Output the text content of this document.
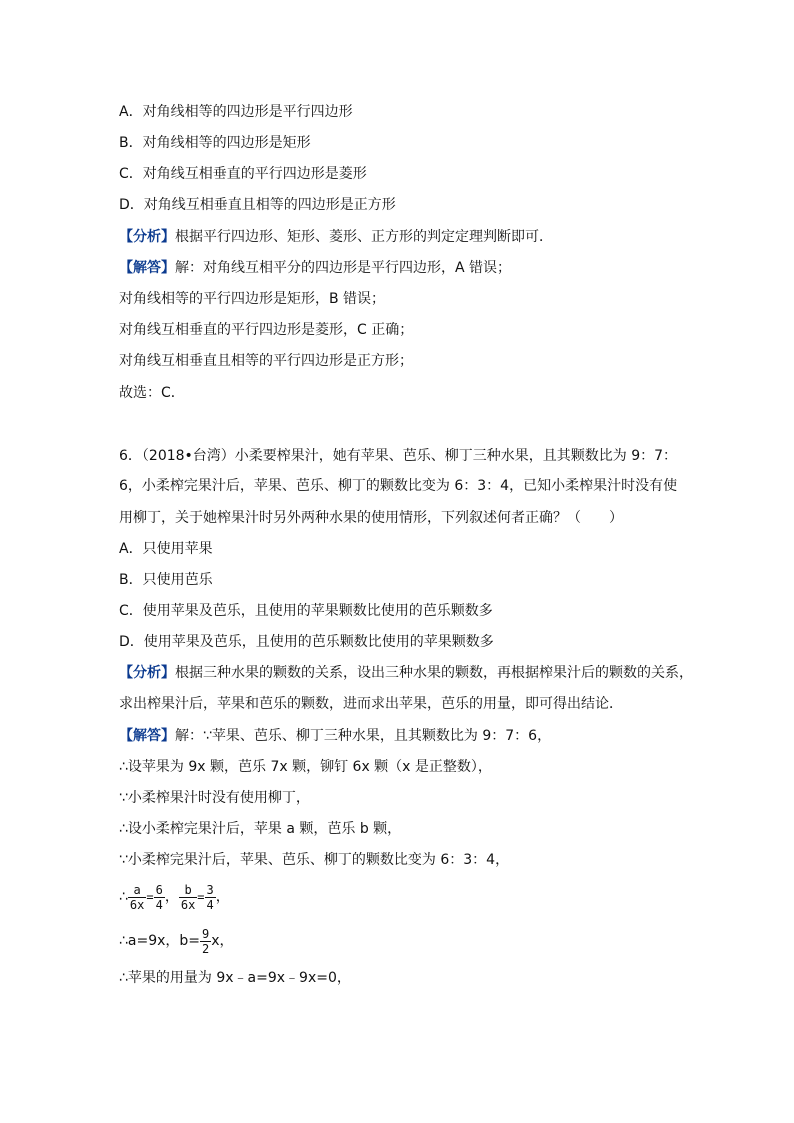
A．对角线相等的四边形是平行四边形
B．对角线相等的四边形是矩形
C．对角线互相垂直的平行四边形是菱形
D．对角线互相垂直且相等的四边形是正方形
【分析】根据平行四边形、矩形、菱形、正方形的判定定理判断即可．
【解答】解：对角线互相平分的四边形是平行四边形，A 错误；
对角线相等的平行四边形是矩形，B 错误；
对角线互相垂直的平行四边形是菱形，C 正确；
对角线互相垂直且相等的平行四边形是正方形；
故选：C．
6．（2018•台湾）小柔要榨果汁，她有苹果、芭乐、柳丁三种水果，且其颗数比为 9：7：
6，小柔榨完果汁后，苹果、芭乐、柳丁的颗数比变为 6：3：4，已知小柔榨果汁时没有使
用柳丁，关于她榨果汁时另外两种水果的使用情形，下列叙述何者正确？（　　）
A．只使用苹果
B．只使用芭乐
C．使用苹果及芭乐，且使用的苹果颗数比使用的芭乐颗数多
D．使用苹果及芭乐，且使用的芭乐颗数比使用的苹果颗数多
【分析】根据三种水果的颗数的关系，设出三种水果的颗数，再根据榨果汁后的颗数的关系，
求出榨果汁后，苹果和芭乐的颗数，进而求出苹果，芭乐的用量，即可得出结论．
【解答】解：∵苹果、芭乐、柳丁三种水果，且其颗数比为 9：7：6，
∴设苹果为 9x 颗，芭乐 7x 颗，铆钉 6x 颗（x 是正整数），
∵小柔榨果汁时没有使用柳丁，
∴设小柔榨完果汁后，苹果 a 颗，芭乐 b 颗，
∵小柔榨完果汁后，苹果、芭乐、柳丁的颗数比变为 6：3：4，
∴ $\frac{a}{6x} = \frac{6}{4}$ ， $\frac{b}{6x} = \frac{3}{4}$ ，
∴a=9x，$b= \frac{9}{2}$ x，
∴苹果的用量为 9x﹣a=9x﹣9x=0，
